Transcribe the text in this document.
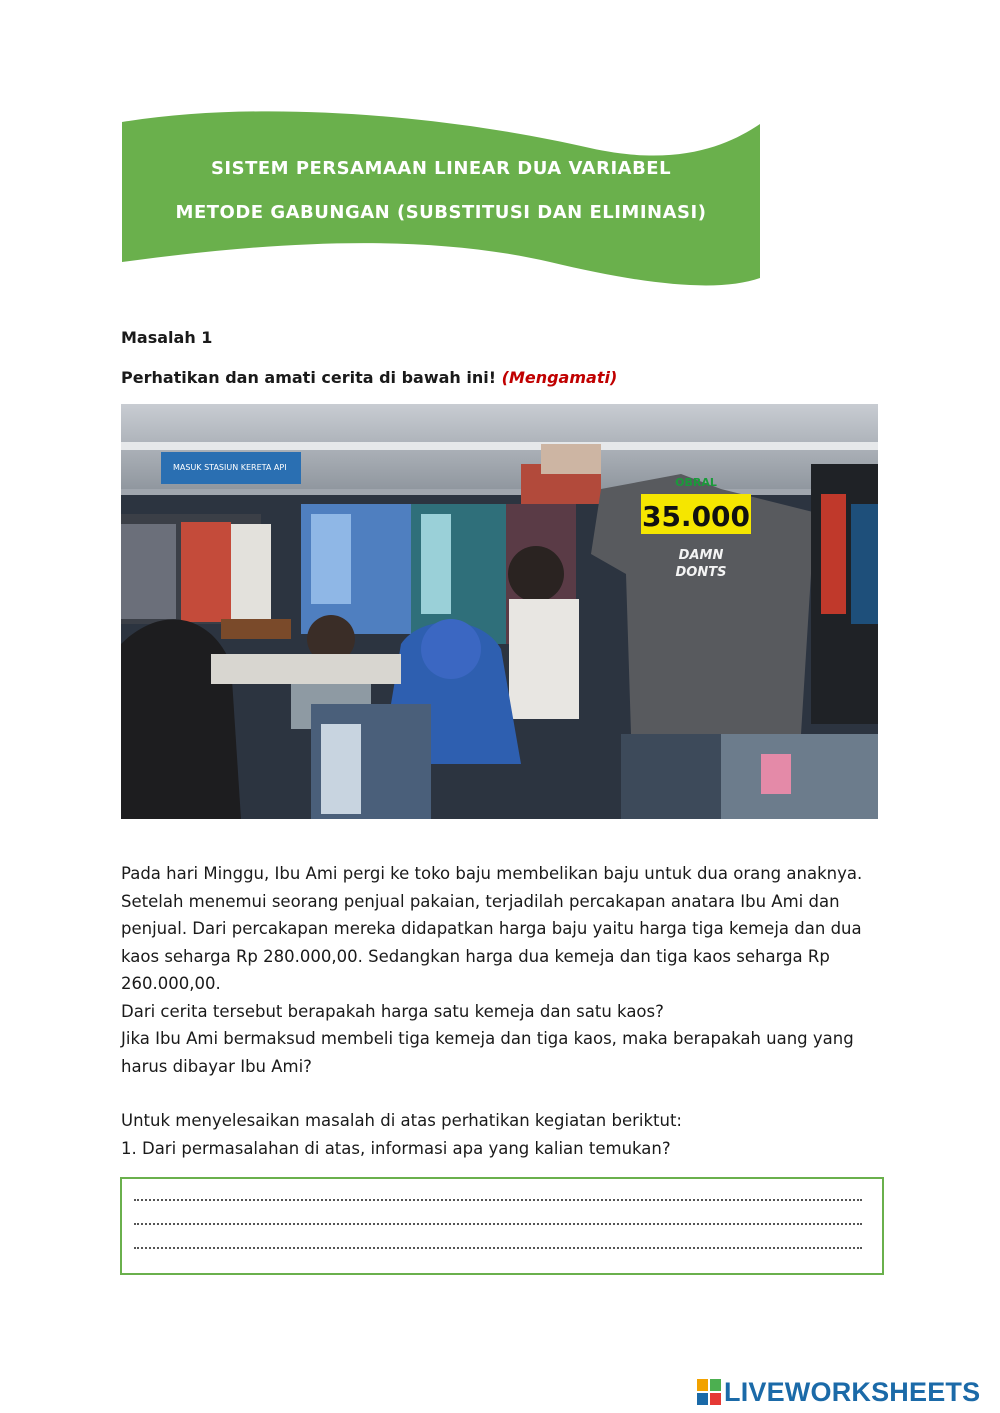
SISTEM PERSAMAAN LINEAR DUA VARIABEL
METODE GABUNGAN (SUBSTITUSI DAN ELIMINASI)
Masalah 1
Perhatikan dan amati cerita di bawah ini! (Mengamati)
MASUK STASIUN KERETA API
OBRAL
35.000
DAMN
DONTS

Pada hari Minggu, Ibu Ami pergi ke toko baju membelikan baju untuk dua orang anaknya.

Setelah menemui seorang penjual pakaian, terjadilah percakapan anatara Ibu Ami dan

penjual. Dari percakapan mereka didapatkan harga baju yaitu harga tiga kemeja dan dua

kaos seharga Rp 280.000,00. Sedangkan harga dua kemeja dan tiga kaos seharga Rp

260.000,00.

Dari cerita tersebut berapakah harga satu kemeja dan satu kaos?

Jika Ibu Ami bermaksud membeli tiga kemeja dan tiga kaos, maka berapakah uang yang

harus dibayar Ibu Ami?

Untuk menyelesaikan masalah di atas perhatikan kegiatan beriktut:

1. Dari permasalahan di atas, informasi apa yang kalian temukan?

LIVEWORKSHEETS
